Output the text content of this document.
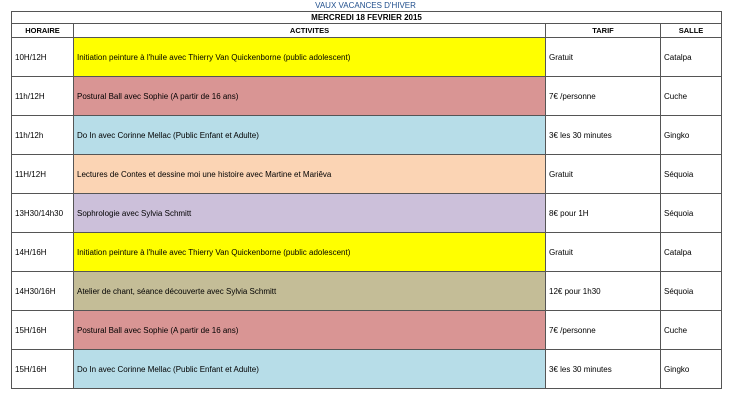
VAUX VACANCES D'HIVER
MERCREDI 18 FEVRIER 2015			
HORAIRE	ACTIVITES	TARIF	SALLE
10H/12H	Initiation peinture à l'huile avec Thierry Van Quickenborne (public adolescent)	Gratuit	Catalpa
11h/12H	Postural Ball avec Sophie (A partir de 16 ans)	7€ /personne	Cuche
11h/12h	Do In avec Corinne Mellac (Public Enfant et Adulte)	3€ les 30 minutes	Gingko
11H/12H	Lectures de Contes et dessine moi une histoire avec Martine et Mariêva	Gratuit	Séquoia
13H30/14h30	Sophrologie avec Sylvia Schmitt	8€ pour 1H	Séquoia
14H/16H	Initiation peinture à l'huile avec Thierry Van Quickenborne (public adolescent)	Gratuit	Catalpa
14H30/16H	Atelier de chant, séance découverte avec Sylvia Schmitt	12€ pour 1h30	Séquoia
15H/16H	Postural Ball avec Sophie (A partir de 16 ans)	7€ /personne	Cuche
15H/16H	Do In avec Corinne Mellac (Public Enfant et Adulte)	3€ les 30 minutes	Gingko
